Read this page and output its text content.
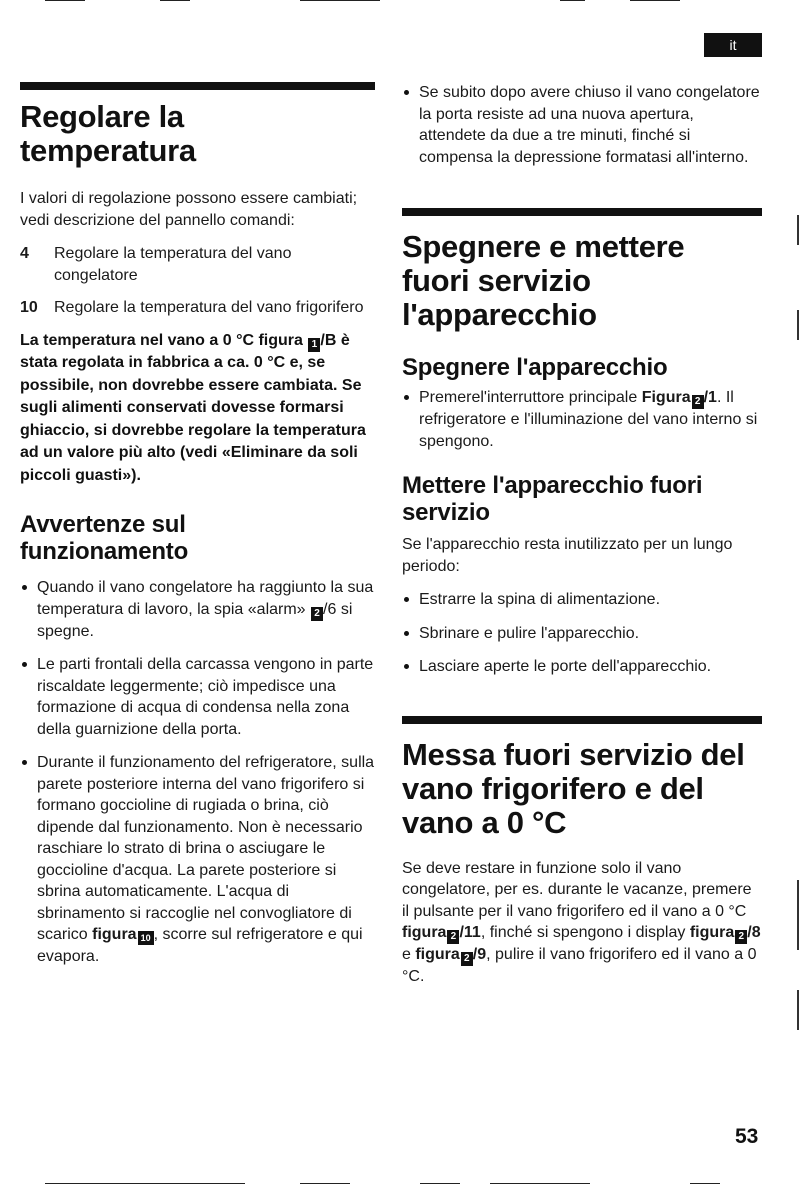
it
Regolare la temperatura

I valori di regolazione possono essere cambiati; vedi descrizione del pannello comandi:

4 Regolare la temperatura del vano congelatore
10 Regolare la temperatura del vano frigorifero

La temperatura nel vano a 0 °C figura 1 /B è stata regolata in fabbrica a ca. 0 °C e, se possibile, non dovrebbe essere cambiata. Se sugli alimenti conservati dovesse formarsi ghiaccio, si dovrebbe regolare la temperatura ad un valore più alto (vedi «Eliminare da soli piccoli guasti»).

Avvertenze sul funzionamento
Quando il vano congelatore ha raggiunto la sua temperatura di lavoro, la spia «alarm» 2 /6 si spegne.
Le parti frontali della carcassa vengono in parte riscaldate leggermente; ciò impedisce una formazione di acqua di condensa nella zona della guarnizione della porta.
Durante il funzionamento del refrigeratore, sulla parete posteriore interna del vano frigorifero si formano goccioline di rugiada o brina, ciò dipende dal funzionamento. Non è necessario raschiare lo strato di brina o asciugare le goccioline d'acqua. La parete posteriore si sbrina automaticamente. L'acqua di sbrinamento si raccoglie nel convogliatore di scarico figura 10 , scorre sul refrigeratore e qui evapora.
Se subito dopo avere chiuso il vano congelatore la porta resiste ad una nuova apertura, attendete da due a tre minuti, finché si compensa la depressione formatasi all'interno.
Spegnere e mettere fuori servizio l'apparecchio
Spegnere l'apparecchio
Premerel'interruttore principale Figura 2 /1. Il refrigeratore e l'illuminazione del vano interno si spengono.
Mettere l'apparecchio fuori servizio

Se l'apparecchio resta inutilizzato per un lungo periodo:

Estrarre la spina di alimentazione.
Sbrinare e pulire l'apparecchio.
Lasciare aperte le porte dell'apparecchio.
Messa fuori servizio del vano frigorifero e del vano a 0 °C

Se deve restare in funzione solo il vano congelatore, per es. durante le vacanze, premere il pulsante per il vano frigorifero ed il vano a 0 °C figura 2 /11, finché si spengono i display figura 2 /8 e figura 2 /9, pulire il vano frigorifero ed il vano a 0 °C.

53
